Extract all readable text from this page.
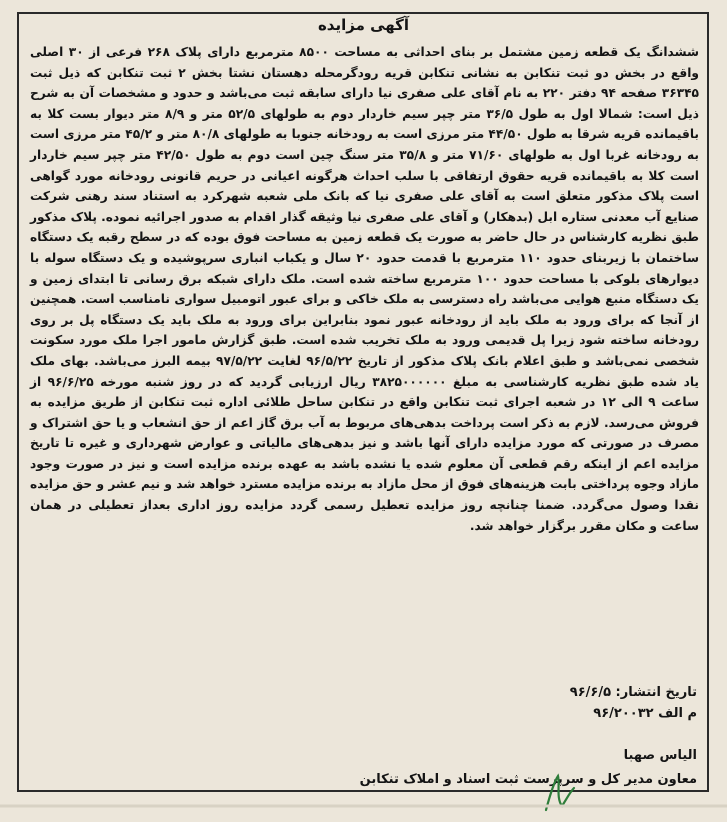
آگهی مزایده
ششدانگ یک قطعه زمین مشتمل بر بنای احداثی به مساحت ۸۵۰۰ مترمربع دارای پلاک ۲۶۸ فرعی از ۳۰ اصلی واقع در بخش دو ثبت تنکابن به نشانی تنکابن قریه رودگرمحله دهستان نشتا بخش ۲ ثبت تنکابن که ذیل ثبت ۳۶۳۴۵ صفحه ۹۴ دفتر ۲۲۰ به نام آقای علی صفری نیا دارای سابقه ثبت می‌باشد و حدود و مشخصات آن به شرح ذیل است: شمالا اول به طول ۳۶/۵ متر چپر سیم خاردار دوم به طولهای ۵۲/۵ متر و ۸/۹ متر دیوار بست کلا به باقیمانده قریه شرقا به طول ۴۴/۵۰ متر مرزی است به رودخانه جنوبا به طولهای ۸۰/۸ متر و ۴۵/۲ متر مرزی است به رودخانه غربا اول به طولهای ۷۱/۶۰ متر و ۳۵/۸ متر سنگ چین است دوم به طول ۴۲/۵۰ متر چپر سیم خاردار است کلا به باقیمانده قریه حقوق ارتفاقی با سلب احداث هرگونه اعیانی در حریم قانونی رودخانه مورد گواهی است پلاک مذکور متعلق است به آقای علی صفری نیا که بانک ملی شعبه شهرکرد به استناد سند رهنی شرکت صنایع آب معدنی ستاره ابل (بدهکار) و آقای علی صفری نیا وثیقه گذار اقدام به صدور اجرائیه نموده. پلاک مذکور طبق نظریه کارشناس در حال حاضر به صورت یک قطعه زمین به مساحت فوق بوده که در سطح رقبه یک دستگاه ساختمان با زیربنای حدود ۱۱۰ مترمربع با قدمت حدود ۲۰ سال و یکباب انباری سرپوشیده و یک دستگاه سوله با دیوارهای بلوکی با مساحت حدود ۱۰۰ مترمربع ساخته شده است. ملک دارای شبکه برق رسانی تا ابتدای زمین و یک دستگاه منبع هوایی می‌باشد راه دسترسی به ملک خاکی و برای عبور اتومبیل سواری نامناسب است. همچنین از آنجا که برای ورود به ملک باید از رودخانه عبور نمود بنابراین برای ورود به ملک باید یک دستگاه پل بر روی رودخانه ساخته شود زیرا پل قدیمی ورود به ملک تخریب شده است. طبق گزارش مامور اجرا ملک مورد سکونت شخصی نمی‌باشد و طبق اعلام بانک پلاک مذکور از تاریخ ۹۶/۵/۲۲ لغایت ۹۷/۵/۲۲ بیمه البرز می‌باشد. بهای ملک یاد شده طبق نظریه کارشناسی به مبلغ ۳۸۲۵۰۰۰۰۰۰ ریال ارزیابی گردید که در روز شنبه مورخه ۹۶/۶/۲۵ از ساعت ۹ الی ۱۲ در شعبه اجرای ثبت تنکابن واقع در تنکابن ساحل طلائی اداره ثبت تنکابن از طریق مزایده به فروش می‌رسد. لازم به ذکر است پرداخت بدهی‌های مربوط به آب برق گاز اعم از حق انشعاب و یا حق اشتراک و مصرف در صورتی که مورد مزایده دارای آنها باشد و نیز بدهی‌های مالیاتی و عوارض شهرداری و غیره تا تاریخ مزایده اعم از اینکه رقم قطعی آن معلوم شده یا نشده باشد به عهده برنده مزایده است و نیز در صورت وجود مازاد وجوه پرداختی بابت هزینه‌های فوق از محل مازاد به برنده مزایده مسترد خواهد شد و نیم عشر و حق مزایده نقدا وصول می‌گردد. ضمنا چنانچه روز مزایده تعطیل رسمی گردد مزایده روز اداری بعداز تعطیلی در همان ساعت و مکان مقرر برگزار خواهد شد.
تاریخ انتشار: ۹۶/۶/۵
م الف ۹۶/۲۰۰۳۲
الیاس صهبا
معاون مدیر کل و سرپرست ثبت اسناد و املاک تنکابن
